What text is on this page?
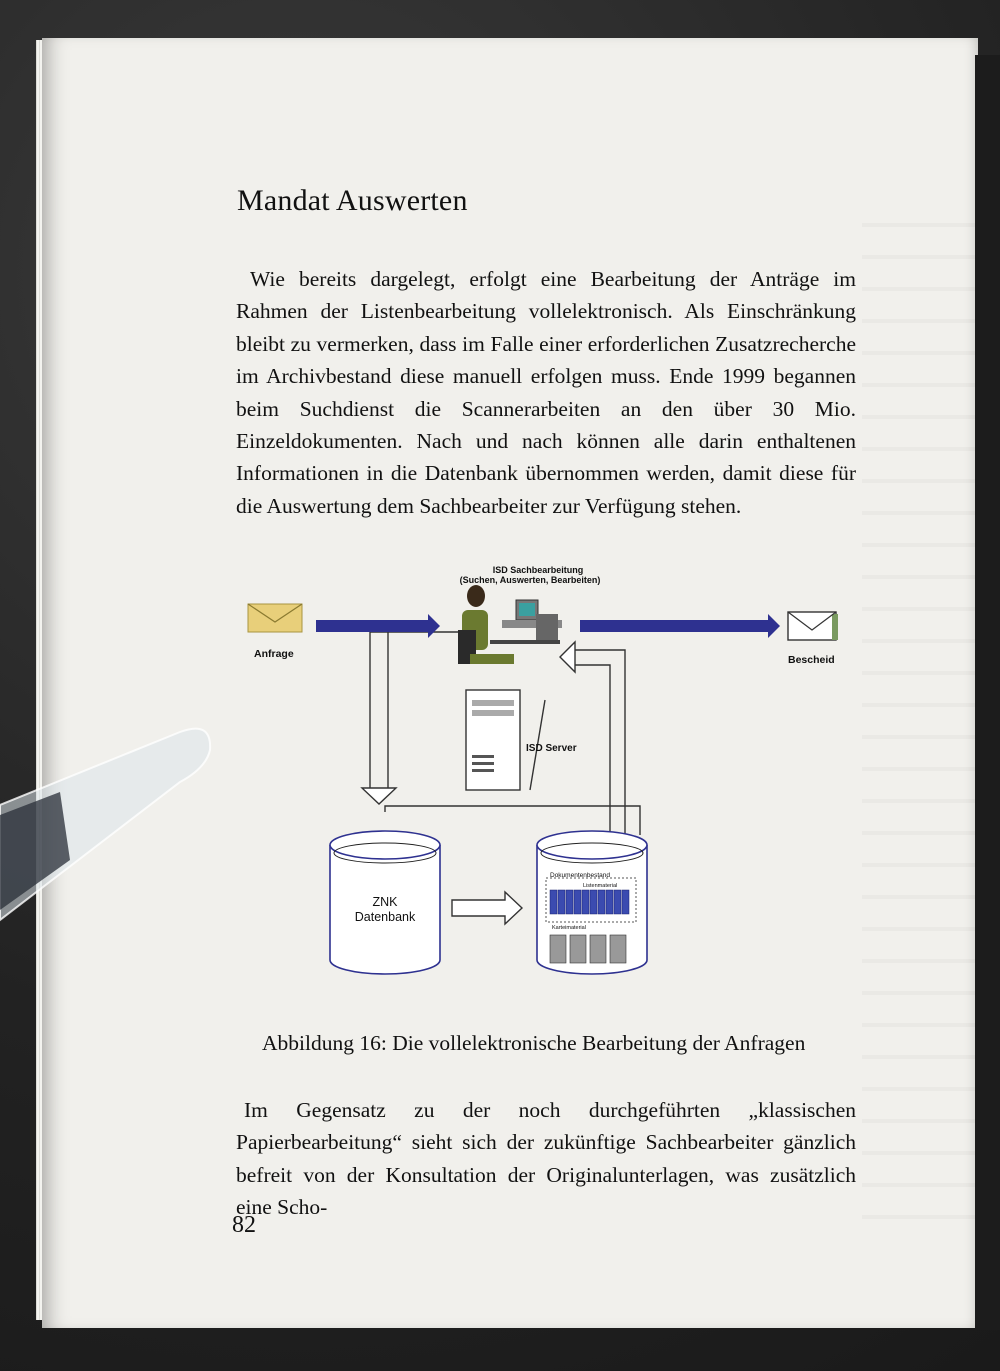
Mandat Auswerten
Wie bereits dargelegt, erfolgt eine Bearbeitung der Anträge im Rahmen der Listenbearbeitung vollelektronisch. Als Einschränkung bleibt zu vermerken, dass im Falle einer erforderlichen Zusatzrecherche im Archivbestand diese manuell erfolgen muss. Ende 1999 begannen beim Suchdienst die Scannerarbeiten an den über 30 Mio. Einzeldokumenten. Nach und nach können alle darin enthaltenen Informationen in die Datenbank übernommen werden, damit diese für die Auswertung dem Sachbearbeiter zur Verfügung stehen.
ISD Sachbearbeitung
(Suchen, Auswerten, Bearbeiten)
Anfrage	Bescheid
ISD Server
ZNK
Datenbank
Dokumentenbestand
Listenmaterial
Karteimaterial
Abbildung 16: Die vollelektronische Bearbeitung der Anfragen
Im Gegensatz zu der noch durchgeführten „klassischen Papierbearbeitung“ sieht sich der zukünftige Sachbearbeiter gänzlich befreit von der Konsultation der Originalunterlagen, was zusätzlich eine Scho-
82
